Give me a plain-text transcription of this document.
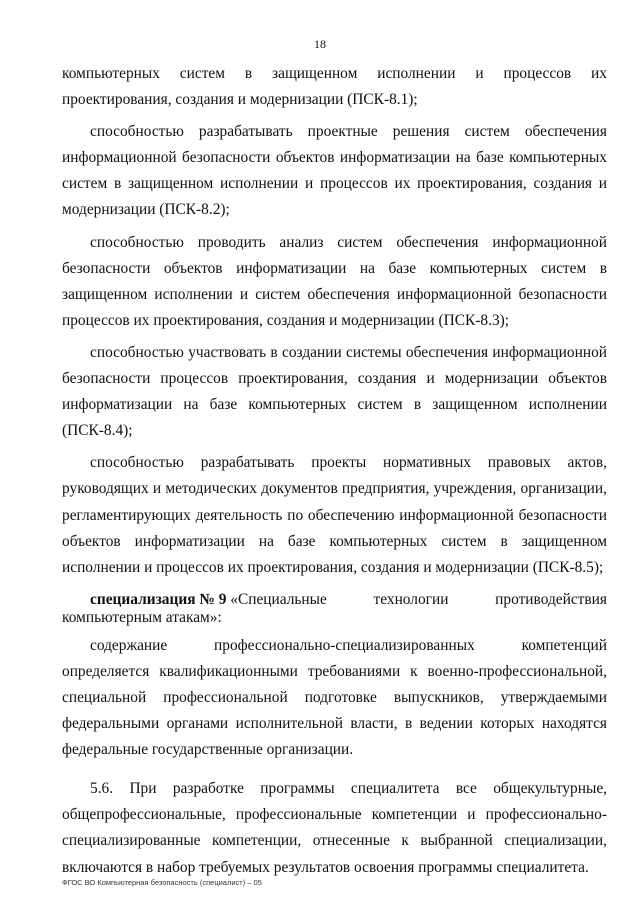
18

компьютерных систем в защищенном исполнении и процессов их проектирования, создания и модернизации (ПСК-8.1);

способностью разрабатывать проектные решения систем обеспечения информационной безопасности объектов информатизации на базе компьютерных систем в защищенном исполнении и процессов их проектирования, создания и модернизации (ПСК-8.2);

способностью проводить анализ систем обеспечения информационной безопасности объектов информатизации на базе компьютерных систем в защищенном исполнении и систем обеспечения информационной безопасности процессов их проектирования, создания и модернизации (ПСК-8.3);

способностью участвовать в создании системы обеспечения информационной безопасности процессов проектирования, создания и модернизации объектов информатизации на базе компьютерных систем в защищенном исполнении (ПСК-8.4);

способностью разрабатывать проекты нормативных правовых актов, руководящих и методических документов предприятия, учреждения, организации, регламентирующих деятельность по обеспечению информационной безопасности объектов информатизации на базе компьютерных систем в защищенном исполнении и процессов их проектирования, создания и модернизации (ПСК-8.5);

специализация № 9 «Специальные	технологии	противодействия
компьютерным атакам»:

содержание профессионально-специализированных компетенций определяется квалификационными требованиями к военно-профессиональной, специальной профессиональной подготовке выпускников, утверждаемыми федеральными органами исполнительной власти, в ведении которых находятся федеральные государственные организации.

5.6. При разработке программы специалитета все общекультурные, общепрофессиональные, профессиональные компетенции и профессионально-специализированные компетенции, отнесенные к выбранной специализации, включаются в набор требуемых результатов освоения программы специалитета.

ФГОС ВО Компьютерная безопасность (специалист) – 05
